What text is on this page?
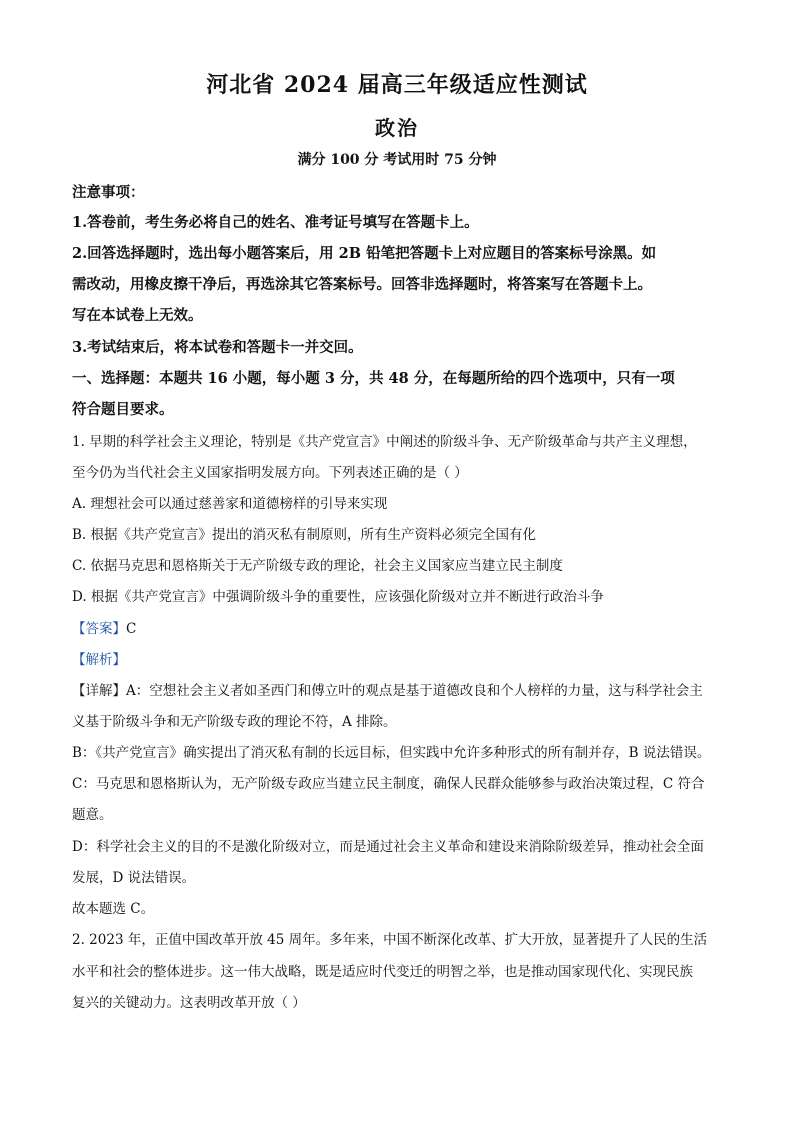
河北省 2024 届高三年级适应性测试
政治
满分 100 分 考试用时 75 分钟
注意事项：
1.答卷前，考生务必将自己的姓名、准考证号填写在答题卡上。
2.回答选择题时，选出每小题答案后，用 2B 铅笔把答题卡上对应题目的答案标号涂黑。如
需改动，用橡皮擦干净后，再选涂其它答案标号。回答非选择题时，将答案写在答题卡上。
写在本试卷上无效。
3.考试结束后，将本试卷和答题卡一并交回。
一、选择题：本题共 16 小题，每小题 3 分，共 48 分，在每题所给的四个选项中，只有一项
符合题目要求。
1. 早期的科学社会主义理论，特别是《共产党宣言》中阐述的阶级斗争、无产阶级革命与共产主义理想，
至今仍为当代社会主义国家指明发展方向。下列表述正确的是（ ）
A. 理想社会可以通过慈善家和道德榜样的引导来实现
B. 根据《共产党宣言》提出的消灭私有制原则，所有生产资料必须完全国有化
C. 依据马克思和恩格斯关于无产阶级专政的理论，社会主义国家应当建立民主制度
D. 根据《共产党宣言》中强调阶级斗争的重要性，应该强化阶级对立并不断进行政治斗争
【答案】C
【解析】
【详解】A：空想社会主义者如圣西门和傅立叶的观点是基于道德改良和个人榜样的力量，这与科学社会主
义基于阶级斗争和无产阶级专政的理论不符，A 排除。
B：《共产党宣言》确实提出了消灭私有制的长远目标，但实践中允许多种形式的所有制并存，B 说法错误。
C：马克思和恩格斯认为，无产阶级专政应当建立民主制度，确保人民群众能够参与政治决策过程，C 符合
题意。
D：科学社会主义的目的不是激化阶级对立，而是通过社会主义革命和建设来消除阶级差异，推动社会全面
发展，D 说法错误。
故本题选 C。
2. 2023 年，正值中国改革开放 45 周年。多年来，中国不断深化改革、扩大开放，显著提升了人民的生活
水平和社会的整体进步。这一伟大战略，既是适应时代变迁的明智之举，也是推动国家现代化、实现民族
复兴的关键动力。这表明改革开放（ ）
